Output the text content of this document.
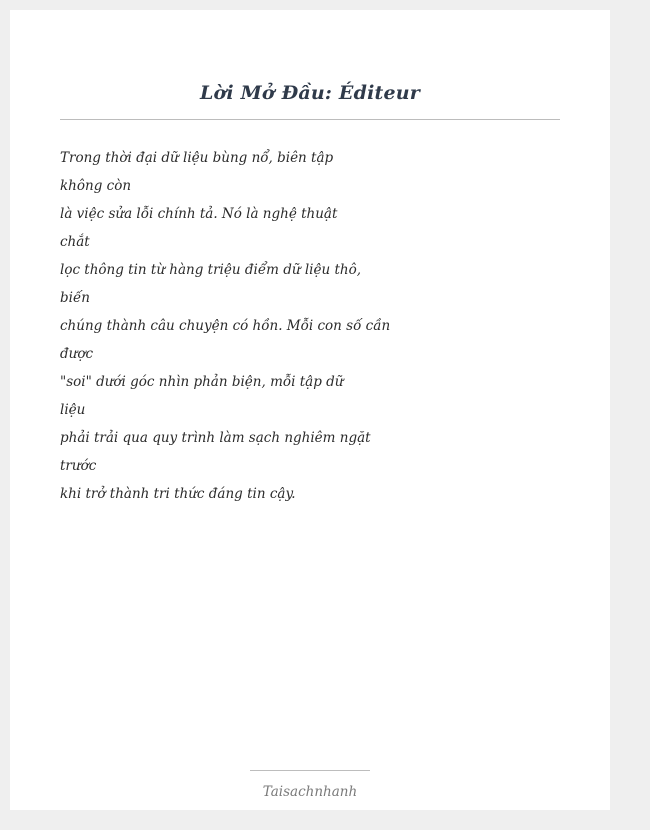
Lời Mở Đầu: Éditeur
Trong thời đại dữ liệu bùng nổ, biên tập
không còn
là việc sửa lỗi chính tả. Nó là nghệ thuật
chắt
lọc thông tin từ hàng triệu điểm dữ liệu thô,
biến
chúng thành câu chuyện có hồn. Mỗi con số cần
được
"soi" dưới góc nhìn phản biện, mỗi tập dữ
liệu
phải trải qua quy trình làm sạch nghiêm ngặt
trước
khi trở thành tri thức đáng tin cậy.

Taisachnhanh
